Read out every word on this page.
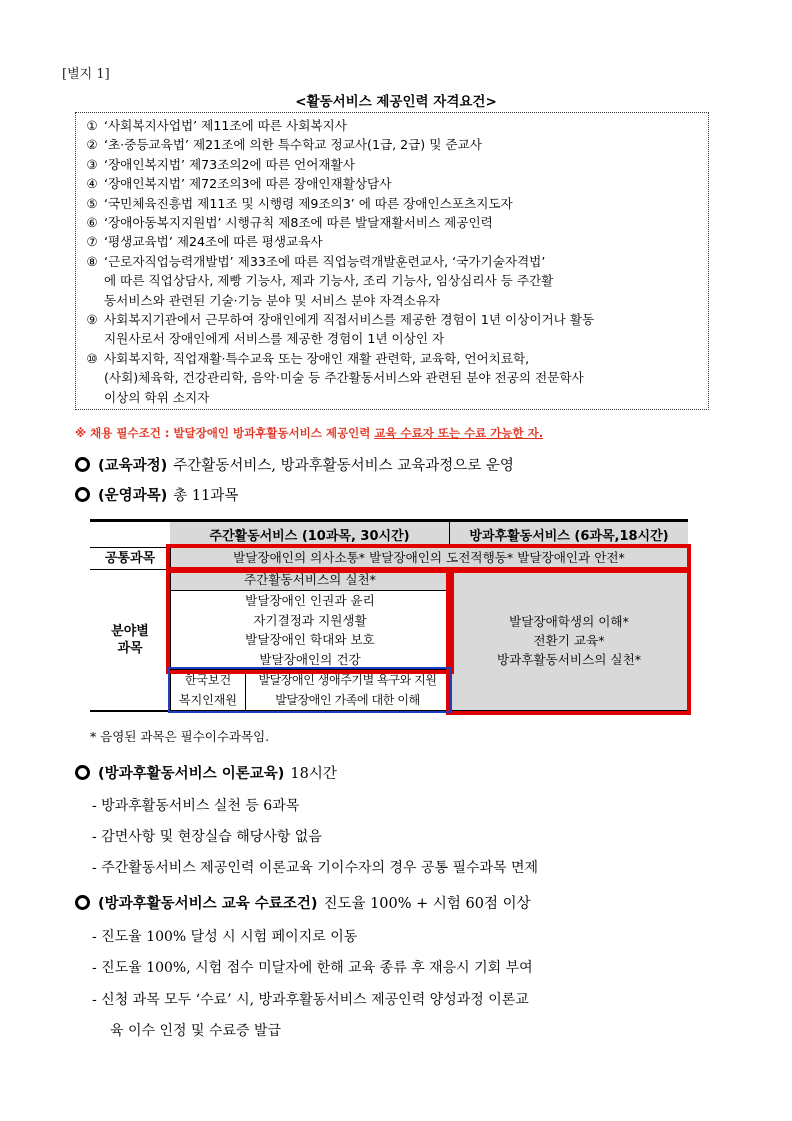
[별지 1]
<활동서비스 제공인력 자격요건>
① ‘사회복지사업법’ 제11조에 따른 사회복지사
② ‘초·중등교육법’ 제21조에 의한 특수학교 정교사(1급, 2급) 및 준교사
③ ‘장애인복지법’ 제73조의2에 따른 언어재활사
④ ‘장애인복지법’ 제72조의3에 따른 장애인재활상담사
⑤ ‘국민체육진흥법 제11조 및 시행령 제9조의3’ 에 따른 장애인스포츠지도자
⑥ ‘장애아동복지지원법’ 시행규칙 제8조에 따른 발달재활서비스 제공인력
⑦ ‘평생교육법’ 제24조에 따른 평생교육사
⑧ ‘근로자직업능력개발법’ 제33조에 따른 직업능력개발훈련교사, ‘국가기술자격법’
에 따른 직업상담사, 제빵 기능사, 제과 기능사, 조리 기능사, 임상심리사 등 주간활
동서비스와 관련된 기술·기능 분야 및 서비스 분야 자격소유자
⑨ 사회복지기관에서 근무하여 장애인에게 직접서비스를 제공한 경험이 1년 이상이거나 활동
지원사로서 장애인에게 서비스를 제공한 경험이 1년 이상인 자
⑩ 사회복지학, 직업재활·특수교육 또는 장애인 재활 관련학, 교육학, 언어치료학,
(사회)체육학, 건강관리학, 음악·미술 등 주간활동서비스와 관련된 분야 전공의 전문학사
이상의 학위 소지자
※ 채용 필수조건 : 발달장애인 방과후활동서비스 제공인력 교육 수료자 또는 수료 가능한 자.
(교육과정) 주간활동서비스, 방과후활동서비스 교육과정으로 운영
(운영과목) 총 11과목
주간활동서비스 (10과목, 30시간)	방과후활동서비스 (6과목,18시간)
공통과목	발달장애인의 의사소통* 발달장애인의 도전적행동* 발달장애인과 안전*
분야별
과목
주간활동서비스의 실천*
발달장애인 인권과 윤리
자기결정과 지원생활
발달장애인 학대와 보호
발달장애인의 건강
한국보건
복지인재원
발달장애인 생애주기별 욕구와 지원
발달장애인 가족에 대한 이해
발달장애학생의 이해*
전환기 교육*
방과후활동서비스의 실천*
* 음영된 과목은 필수이수과목임.
(방과후활동서비스 이론교육) 18시간
- 방과후활동서비스 실천 등 6과목
- 감면사항 및 현장실습 해당사항 없음
- 주간활동서비스 제공인력 이론교육 기이수자의 경우 공통 필수과목 면제
(방과후활동서비스 교육 수료조건) 진도율 100% + 시험 60점 이상
- 진도율 100% 달성 시 시험 페이지로 이동
- 진도율 100%, 시험 점수 미달자에 한해 교육 종류 후 재응시 기회 부여
- 신청 과목 모두 ‘수료’ 시, 방과후활동서비스 제공인력 양성과정 이론교
육 이수 인정 및 수료증 발급
